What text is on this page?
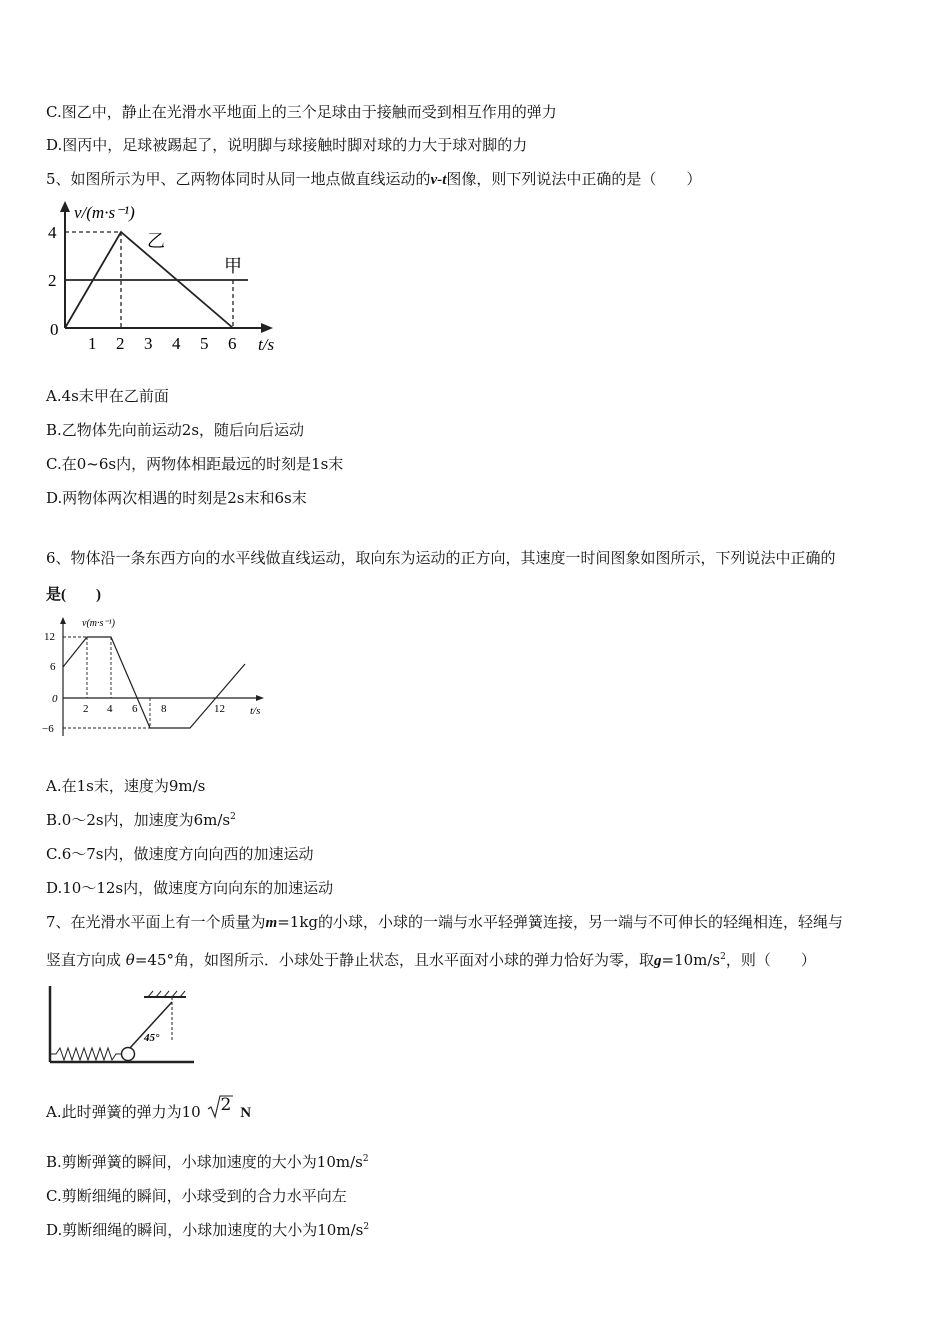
C.图乙中，静止在光滑水平地面上的三个足球由于接触而受到相互作用的弹力
D.图丙中，足球被踢起了，说明脚与球接触时脚对球的力大于球对脚的力
5、如图所示为甲、乙两物体同时从同一地点做直线运动的v-t图像，则下列说法中正确的是（　　）
v/(m·s⁻¹)
4
2
0
1 2 3 4 5 6 t/s
乙
甲
A.4s末甲在乙前面
B.乙物体先向前运动2s，随后向后运动
C.在0~6s内，两物体相距最远的时刻是1s末
D.两物体两次相遇的时刻是2s末和6s末
6、物体沿一条东西方向的水平线做直线运动，取向东为运动的正方向，其速度一时间图象如图所示，下列说法中正确的
是(　　)
v(m·s⁻¹)
12
6
0
−6
2 4 6 8	12 t/s
A.在1s末，速度为9m/s
B.0～2s内，加速度为$6m/s^2$
C.6～7s内，做速度方向向西的加速运动
D.10～12s内，做速度方向向东的加速运动
7、在光滑水平面上有一个质量为m=1kg的小球，小球的一端与水平轻弹簧连接，另一端与不可伸长的轻绳相连，轻绳与
竖直方向成 θ=45°角，如图所示．小球处于静止状态，且水平面对小球的弹力恰好为零，取$g=10m/s^2$，则（　　）
45°
A.此时弹簧的弹力为10 2 N
B.剪断弹簧的瞬间，小球加速度的大小为$10m/s^2$
C.剪断细绳的瞬间，小球受到的合力水平向左
D.剪断细绳的瞬间，小球加速度的大小为$10m/s^2$
